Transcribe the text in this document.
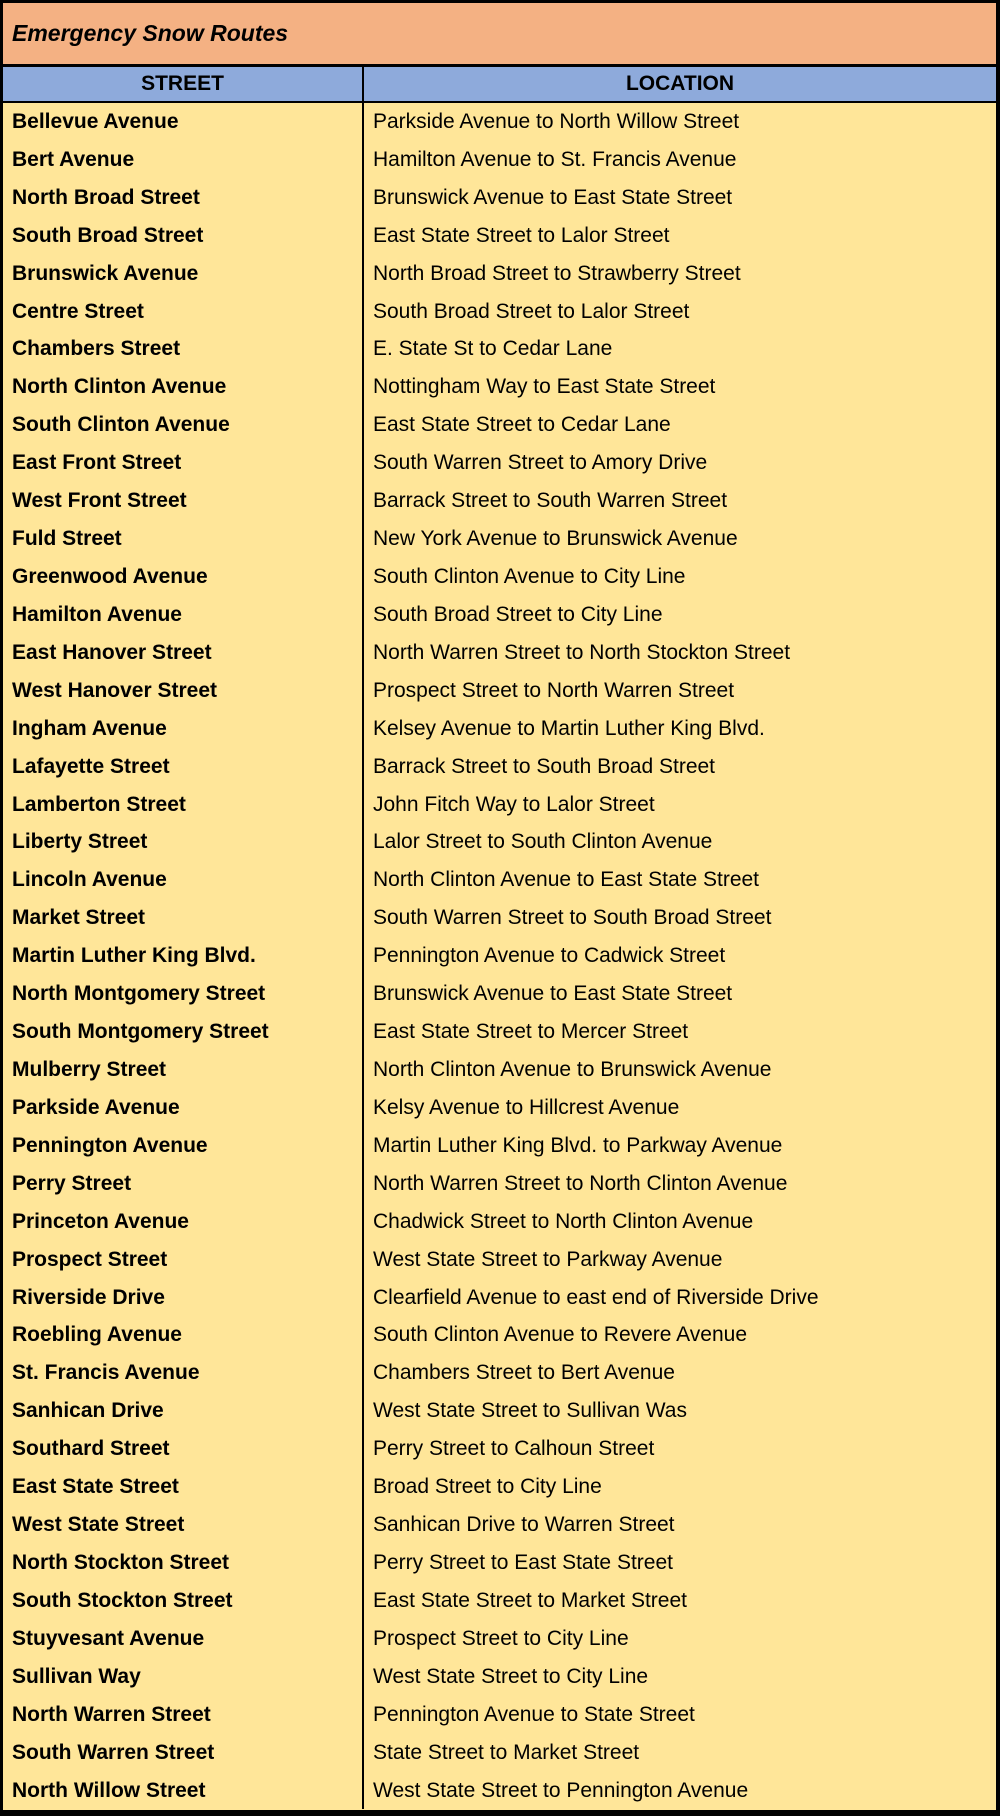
Emergency Snow Routes
STREET	LOCATION
Bellevue Avenue	Parkside Avenue to North Willow Street
Bert Avenue	Hamilton Avenue to St. Francis Avenue
North Broad Street	Brunswick Avenue to East State Street
South Broad Street	East State Street to Lalor Street
Brunswick Avenue	North Broad Street to Strawberry Street
Centre Street	South Broad Street to Lalor Street
Chambers Street	E. State St to Cedar Lane
North Clinton Avenue	Nottingham Way to East State Street
South Clinton Avenue	East State Street to Cedar Lane
East Front Street	South Warren Street to Amory Drive
West Front Street	Barrack Street to South Warren Street
Fuld Street	New York Avenue to Brunswick Avenue
Greenwood Avenue	South Clinton Avenue to City Line
Hamilton Avenue	South Broad Street to City Line
East Hanover Street	North Warren Street to North Stockton Street
West Hanover Street	Prospect Street to North Warren Street
Ingham Avenue	Kelsey Avenue to Martin Luther King Blvd.
Lafayette Street	Barrack Street to South Broad Street
Lamberton Street	John Fitch Way to Lalor Street
Liberty Street	Lalor Street to South Clinton Avenue
Lincoln Avenue	North Clinton Avenue to East State Street
Market Street	South Warren Street to South Broad Street
Martin Luther King Blvd.	Pennington Avenue to Cadwick Street
North Montgomery Street	Brunswick Avenue to East State Street
South Montgomery Street	East State Street to Mercer Street
Mulberry Street	North Clinton Avenue to Brunswick Avenue
Parkside Avenue	Kelsy Avenue to Hillcrest Avenue
Pennington Avenue	Martin Luther King Blvd. to Parkway Avenue
Perry Street	North Warren Street to North Clinton Avenue
Princeton Avenue	Chadwick Street to North Clinton Avenue
Prospect Street	West State Street to Parkway Avenue
Riverside Drive	Clearfield Avenue to east end of Riverside Drive
Roebling Avenue	South Clinton Avenue to Revere Avenue
St. Francis Avenue	Chambers Street to Bert Avenue
Sanhican Drive	West State Street to Sullivan Was
Southard Street	Perry Street to Calhoun Street
East State Street	Broad Street to City Line
West State Street	Sanhican Drive to Warren Street
North Stockton Street	Perry Street to East State Street
South Stockton Street	East State Street to Market Street
Stuyvesant Avenue	Prospect Street to City Line
Sullivan Way	West State Street to City Line
North Warren Street	Pennington Avenue to State Street
South Warren Street	State Street to Market Street
North Willow Street	West State Street to Pennington Avenue
